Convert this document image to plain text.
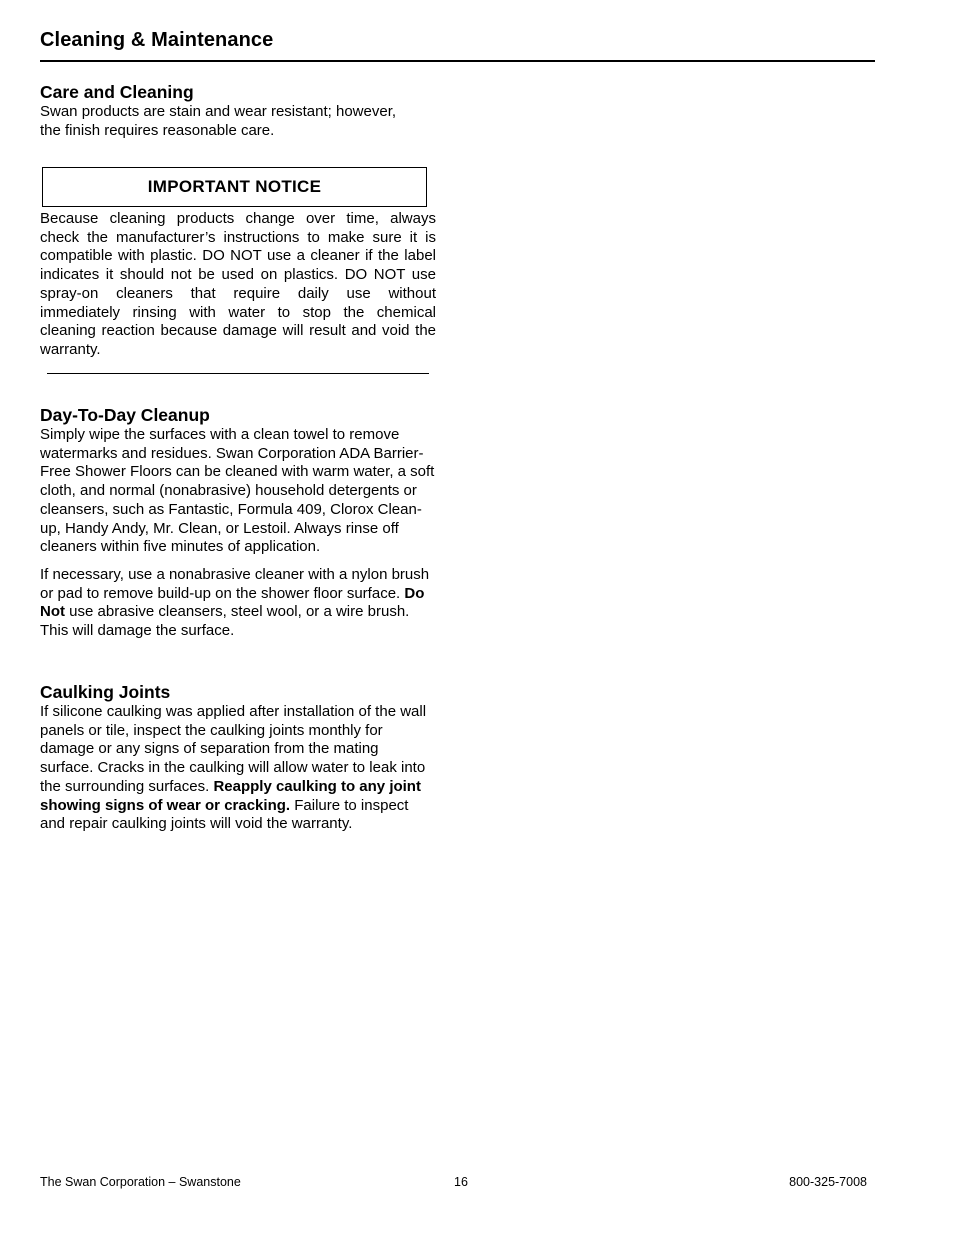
Cleaning & Maintenance
Care and Cleaning

Swan products are stain and wear resistant; however, the finish requires reasonable care.

IMPORTANT NOTICE

Because cleaning products change over time, always check the manufacturer’s instructions to make sure it is compatible with plastic. DO NOT use a cleaner if the label indicates it should not be used on plastics. DO NOT use spray-on cleaners that require daily use without immediately rinsing with water to stop the chemical cleaning reaction because damage will result and void the warranty.

Day-To-Day Cleanup

Simply wipe the surfaces with a clean towel to remove watermarks and residues. Swan Corporation ADA Barrier-Free Shower Floors can be cleaned with warm water, a soft cloth, and normal (nonabrasive) household detergents or cleansers, such as Fantastic, Formula 409, Clorox Clean-up, Handy Andy, Mr. Clean, or Lestoil. Always rinse off cleaners within five minutes of application.

If necessary, use a nonabrasive cleaner with a nylon brush or pad to remove build-up on the shower floor surface. Do Not use abrasive cleansers, steel wool, or a wire brush. This will damage the surface.

Caulking Joints

If silicone caulking was applied after installation of the wall panels or tile, inspect the caulking joints monthly for damage or any signs of separation from the mating surface. Cracks in the caulking will allow water to leak into the surrounding surfaces. Reapply caulking to any joint showing signs of wear or cracking. Failure to inspect and repair caulking joints will void the warranty.

The Swan Corporation – Swanstone	16	800-325-7008
